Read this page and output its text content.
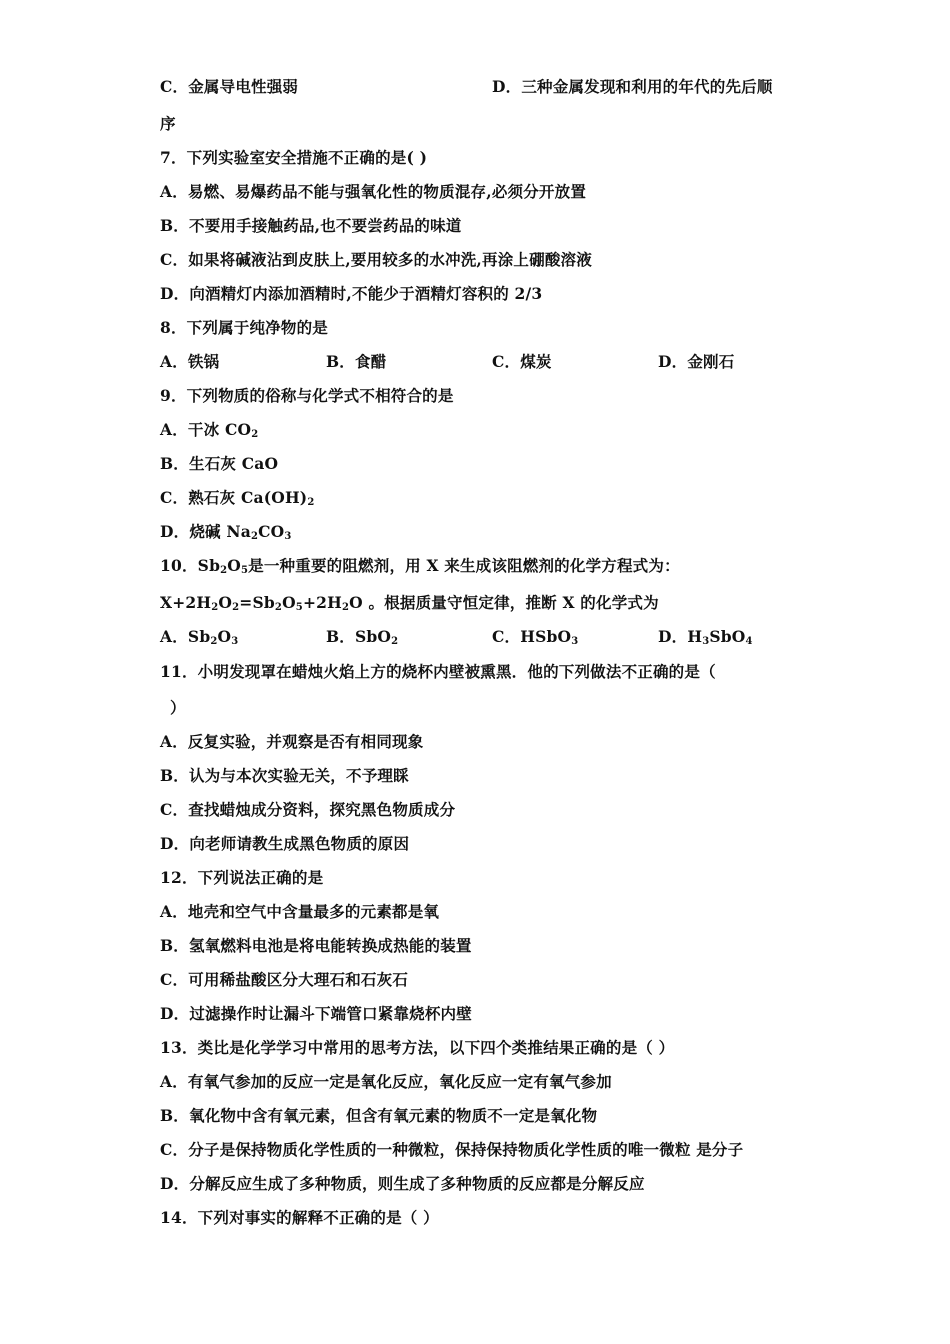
C．金属导电性强弱	D．三种金属发现和利用的年代的先后顺
序
7．下列实验室安全措施不正确的是( )
A．易燃、易爆药品不能与强氧化性的物质混存,必须分开放置
B．不要用手接触药品,也不要尝药品的味道
C．如果将碱液沾到皮肤上,要用较多的水冲洗,再涂上硼酸溶液
D．向酒精灯内添加酒精时,不能少于酒精灯容积的 2/3
8．下列属于纯净物的是
A．铁锅	B．食醋	C．煤炭	D．金刚石
9．下列物质的俗称与化学式不相符合的是
A．干冰 $CO_2$
B．生石灰 CaO
C．熟石灰 $Ca(OH)_2$
D．烧碱 $Na_2CO_3$
10．$Sb_2O_5$是一种重要的阻燃剂，用 X 来生成该阻燃剂的化学方程式为：
$X+2H_2O_2=Sb_2O_5+2H_2O$ 。根据质量守恒定律，推断 X 的化学式为
A．$Sb_2O_3$	B．SbO$_2$	C．HSbO$_3$	D．$H_3SbO_4$
11．小明发现罩在蜡烛火焰上方的烧杯内壁被熏黑．他的下列做法不正确的是（
）
A．反复实验，并观察是否有相同现象
B．认为与本次实验无关，不予理睬
C．查找蜡烛成分资料，探究黑色物质成分
D．向老师请教生成黑色物质的原因
12．下列说法正确的是
A．地壳和空气中含量最多的元素都是氧
B．氢氧燃料电池是将电能转换成热能的装置
C．可用稀盐酸区分大理石和石灰石
D．过滤操作时让漏斗下端管口紧靠烧杯内壁
13．类比是化学学习中常用的思考方法，以下四个类推结果正确的是（ ）
A．有氧气参加的反应一定是氧化反应，氧化反应一定有氧气参加
B．氧化物中含有氧元素，但含有氧元素的物质不一定是氧化物
C．分子是保持物质化学性质的一种微粒，保持保持物质化学性质的唯一微粒 是分子
D．分解反应生成了多种物质，则生成了多种物质的反应都是分解反应
14．下列对事实的解释不正确的是（ ）
